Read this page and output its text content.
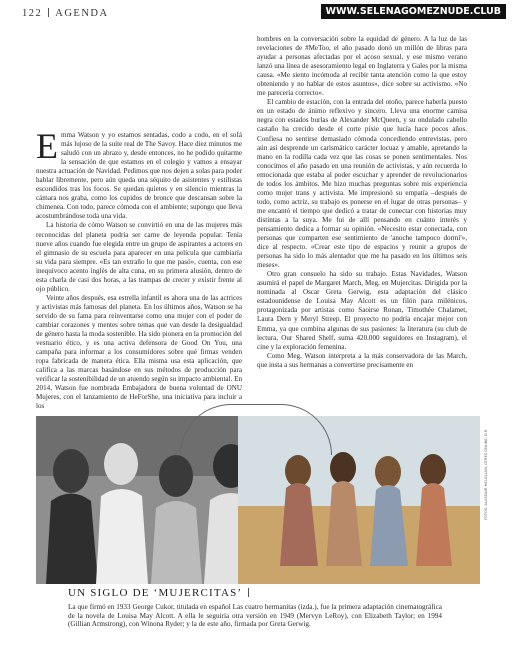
122 AGENDA	WWW.SELENAGOMEZNUDE.CLUB

Emma Watson y yo estamos sentadas, codo a codo, en el sofá más lujoso de la suite real de The Savoy. Hace diez minutos me saludó con un abrazo y, desde entonces, no he podido quitarme la sensación de que estamos en el colegio y vamos a ensayar nuestra actuación de Navidad. Pedimos que nos dejen a solas para poder hablar libremente, pero aún queda una séquito de asistentes y estilistas escondidos tras los focos. Se quedan quietos y en silencio mientras la cámara nos graba, como los cupidos de bronce que descansan sobre la chimenea. Con todo, parece cómoda con el ambiente; supongo que lleva acostumbrándose toda una vida.

La historia de cómo Watson se convirtió en una de las mujeres más reconocidas del planeta podría ser carne de leyenda popular. Tenía nueve años cuando fue elegida entre un grupo de aspirantes a actores en el gimnasio de su escuela para aparecer en una película que cambiaría su vida para siempre. «Es tan extraño lo que me pasó», cuenta, con ese inequívoco acento inglés de alta cuna, en su primera alusión, dentro de esta charla de casi dos horas, a las trampas de crecer y existir frente al ojo público.

Veinte años después, esa estrella infantil es ahora una de las actrices y activistas más famosas del planeta. En los últimos años, Watson se ha servido de su fama para reinventarse como una mujer con el poder de cambiar corazones y mentes sobre temas que van desde la desigualdad de género hasta la moda sostenible. Ha sido pionera en la promoción del vestuario ético, y es una activa defensora de Good On You, una campaña para informar a los consumidores sobre qué firmas venden ropa fabricada de manera ética. Ella misma usa esta aplicación, que califica a las marcas basándose en sus métodos de producción para verificar la sostenibilidad de un atuendo según su impacto ambiental. En 2014, Watson fue nombrada Embajadora de buena voluntad de ONU Mujeres, con el lanzamiento de HeForShe, una iniciativa para incluir a los

hombres en la conversación sobre la equidad de género. A la luz de las revelaciones de #MeToo, el año pasado donó un millón de libras para ayudar a personas afectadas por el acoso sexual, y ese mismo verano lanzó una línea de asesoramiento legal en Inglaterra y Gales por la misma causa. «Me siento incómoda al recibir tanta atención como la que estoy obteniendo y no hablar de estos asuntos», dice sobre su activismo. «No me parecería correcto».

El cambio de estación, con la entrada del otoño, parece haberla puesto en un estado de ánimo reflexivo y sincero. Lleva una enorme camisa negra con estados burlas de Alexander McQueen, y su ondulado cabello castaño ha crecido desde el corte pixie que lucía hace pocos años. Confiesa no sentirse demasiado cómoda concediendo entrevistas, pero aún así desprende un carismático carácter locuaz y amable, apretando la mano en la rodilla cada vez que las cosas se ponen sentimentales. Nos conocimos el año pasado en una reunión de activistas, y aún recuerda lo emocionada que estaba al poder escuchar y aprender de revolucionarios de todos los ámbitos. Me hizo muchas preguntas sobre mis experiencia como mujer trans y activista. Me impresionó su empatía –después de todo, como actriz, su trabajo es ponerse en el lugar de otras personas– y me encantó el tiempo que dedicó a tratar de conectar con historias muy distintas a la suya. Me fui de allí pensando en cuánto interés y pensamiento dedica a formar su opinión. «Necesito estar conectada, con personas que comparten ese sentimiento de 'anoche tampoco dormí'», dice al respecto. «Crear este tipo de espacios y reunir a grupos de personas ha sido lo más alentador que me ha pasado en los últimos seis meses».

Otro gran consuelo ha sido su trabajo. Estas Navidades, Watson asumirá el papel de Margaret March, Meg, en Mujercitas. Dirigida por la nominada al Oscar Greta Gerwig, esta adaptación del clásico estadounidense de Louisa May Alcott es un filón para milénicos, protagonizada por artistas como Saoirse Ronan, Timothée Chalamet, Laura Dern y Meryl Streep. El proyecto no podría encajar mejor con Emma, ya que combina algunas de sus pasiones: la literatura (su club de lectura, Our Shared Shelf, suma 420.000 seguidores en Instagram), el cine y la exploración femenina.

Como Meg, Watson interpreta a la más conservadora de las March, que insta a sus hermanas a convertirse precisamente en

FOTOS: ALASDAIR MCLELLAN, GTRES ONLINE, D.R.
UN SIGLO DE ‘MUJERCITAS’
La que firmó en 1933 George Cukor, titulada en español Las cuatro hermanitas (izda.), fue la primera adaptación cinematográfica de la novela de Louisa May Alcott. A ella le seguiría otra versión en 1949 (Mervyn LeRoy), con Elizabeth Taylor; en 1994 (Gillian Armstrong), con Winona Ryder; y la de este año, firmada por Greta Gerwig.
